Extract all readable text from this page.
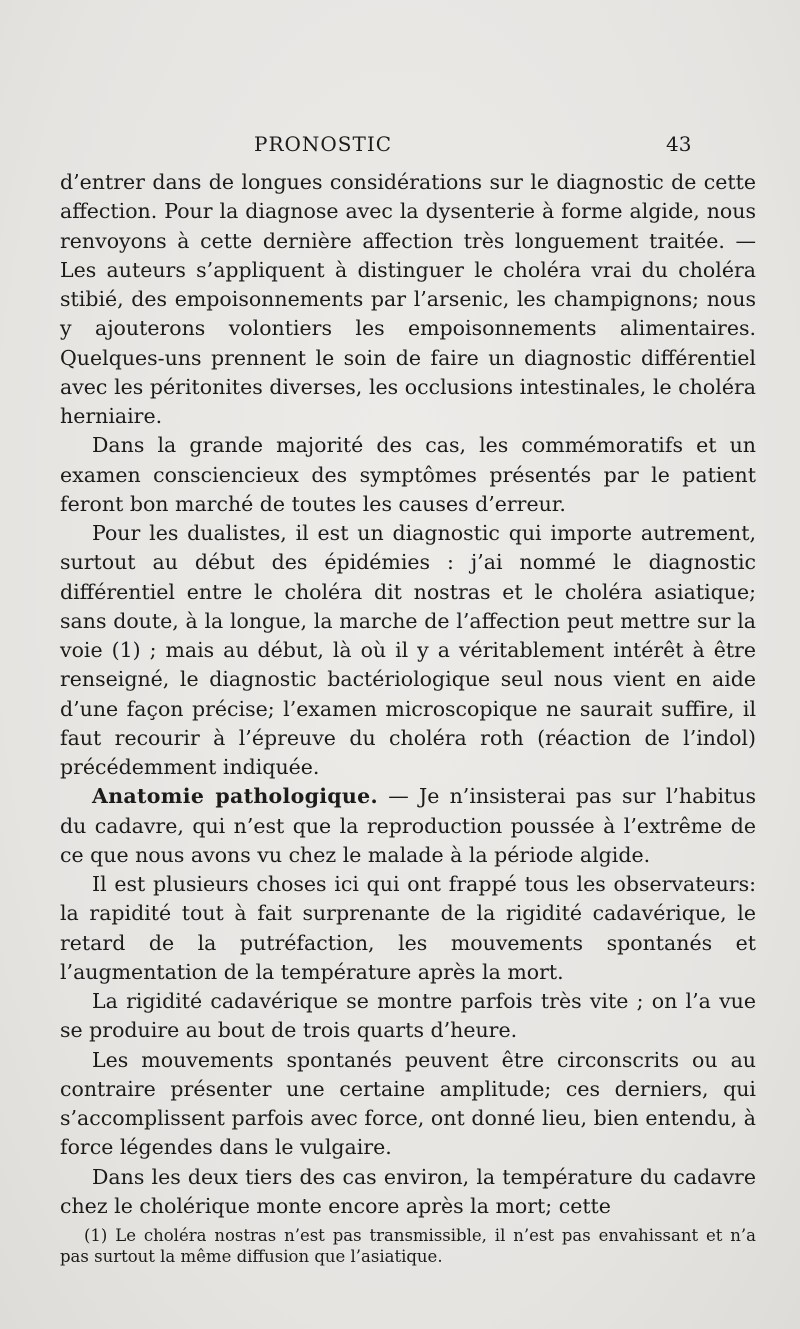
PRONOSTIC	43

d’entrer dans de longues considérations sur le diagnostic de cette affection. Pour la diagnose avec la dysenterie à forme algide, nous renvoyons à cette dernière affection très longuement traitée. — Les auteurs s’appliquent à distinguer le choléra vrai du choléra stibié, des empoisonnements par l’arsenic, les champignons; nous y ajouterons volontiers les empoisonnements alimentaires. Quelques-uns prennent le soin de faire un diagnostic différentiel avec les péritonites diverses, les occlusions intestinales, le choléra herniaire.

Dans la grande majorité des cas, les commémoratifs et un examen consciencieux des symptômes présentés par le patient feront bon marché de toutes les causes d’erreur.

Pour les dualistes, il est un diagnostic qui importe autrement, surtout au début des épidémies : j’ai nommé le diagnostic différentiel entre le choléra dit nostras et le choléra asiatique; sans doute, à la longue, la marche de l’affection peut mettre sur la voie (1) ; mais au début, là où il y a véritablement intérêt à être renseigné, le diagnostic bactériologique seul nous vient en aide d’une façon précise; l’examen microscopique ne saurait suffire, il faut recourir à l’épreuve du choléra roth (réaction de l’indol) précédemment indiquée.

Anatomie pathologique. — Je n’insisterai pas sur l’habitus du cadavre, qui n’est que la reproduction poussée à l’extrême de ce que nous avons vu chez le malade à la période algide.

Il est plusieurs choses ici qui ont frappé tous les observateurs: la rapidité tout à fait surprenante de la rigidité cadavérique, le retard de la putréfaction, les mouvements spontanés et l’augmentation de la température après la mort.

La rigidité cadavérique se montre parfois très vite ; on l’a vue se produire au bout de trois quarts d’heure.

Les mouvements spontanés peuvent être circonscrits ou au contraire présenter une certaine amplitude; ces derniers, qui s’accomplissent parfois avec force, ont donné lieu, bien entendu, à force légendes dans le vulgaire.

Dans les deux tiers des cas environ, la température du cadavre chez le cholérique monte encore après la mort; cette

(1) Le choléra nostras n’est pas transmissible, il n’est pas envahissant et n’a pas surtout la même diffusion que l’asiatique.
